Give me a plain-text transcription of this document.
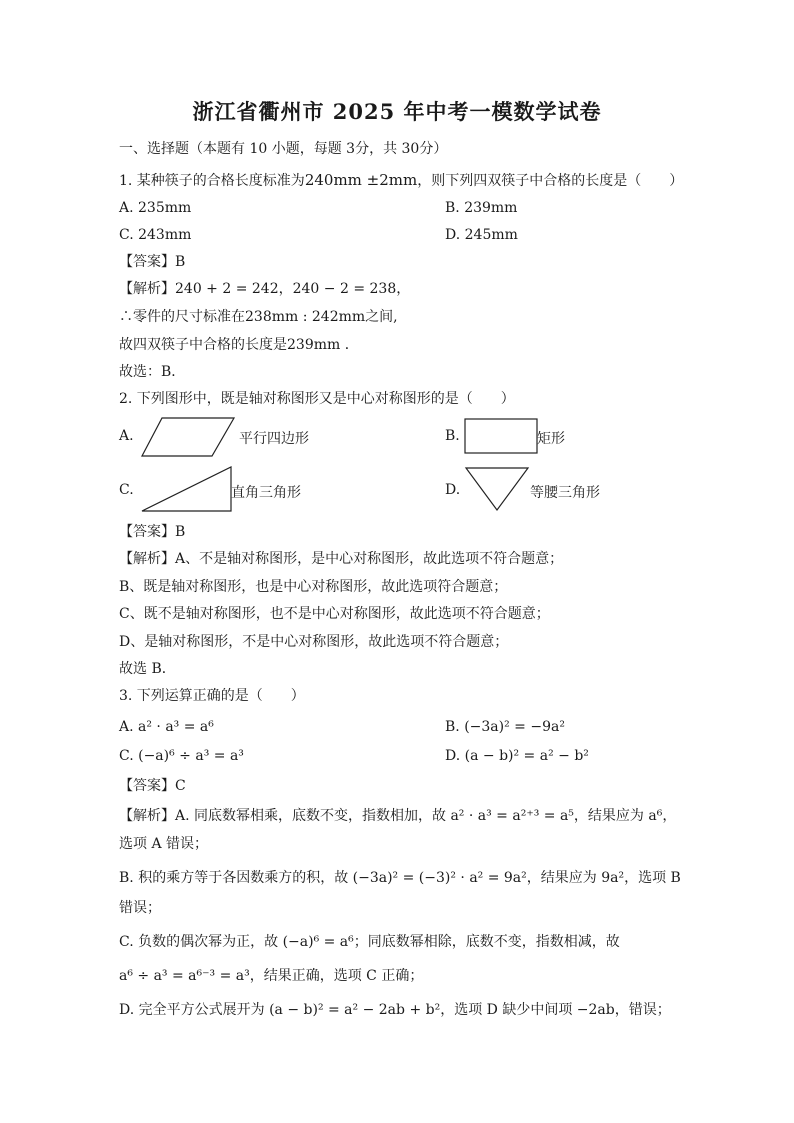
浙江省衢州市 2025 年中考一模数学试卷
一、选择题（本题有 10 小题，每题 3分，共 30分）
1. 某种筷子的合格长度标准为240mm ±2mm，则下列四双筷子中合格的长度是（　　）
A. 235mm	B. 239mm
C. 243mm	D. 245mm
【答案】B
【解析】240 + 2 = 242，240 − 2 = 238，
∴零件的尺寸标准在238mm : 242mm之间,
故四双筷子中合格的长度是239mm ．
故选：B．
2. 下列图形中，既是轴对称图形又是中心对称图形的是（　　）
A.	平行四边形	B.	矩形
C.	直角三角形	D.	等腰三角形
【答案】B
【解析】A、不是轴对称图形，是中心对称图形，故此选项不符合题意；
B、既是轴对称图形，也是中心对称图形，故此选项符合题意；
C、既不是轴对称图形，也不是中心对称图形，故此选项不符合题意；
D、是轴对称图形，不是中心对称图形，故此选项不符合题意；
故选 B．
3. 下列运算正确的是（　　）
A. a² · a³ = a⁶	B. (−3a)² = −9a²
C. (−a)⁶ ÷ a³ = a³	D. (a − b)² = a² − b²
【答案】C
【解析】A. 同底数幂相乘，底数不变，指数相加，故 a² · a³ = a²⁺³ = a⁵，结果应为 a⁶，
选项 A 错误；
B. 积的乘方等于各因数乘方的积，故 (−3a)² = (−3)² · a² = 9a²，结果应为 9a²，选项 B
错误；
C. 负数的偶次幂为正，故 (−a)⁶ = a⁶；同底数幂相除，底数不变，指数相减，故
a⁶ ÷ a³ = a⁶⁻³ = a³，结果正确，选项 C 正确；
D. 完全平方公式展开为 (a − b)² = a² − 2ab + b²，选项 D 缺少中间项 −2ab，错误；
